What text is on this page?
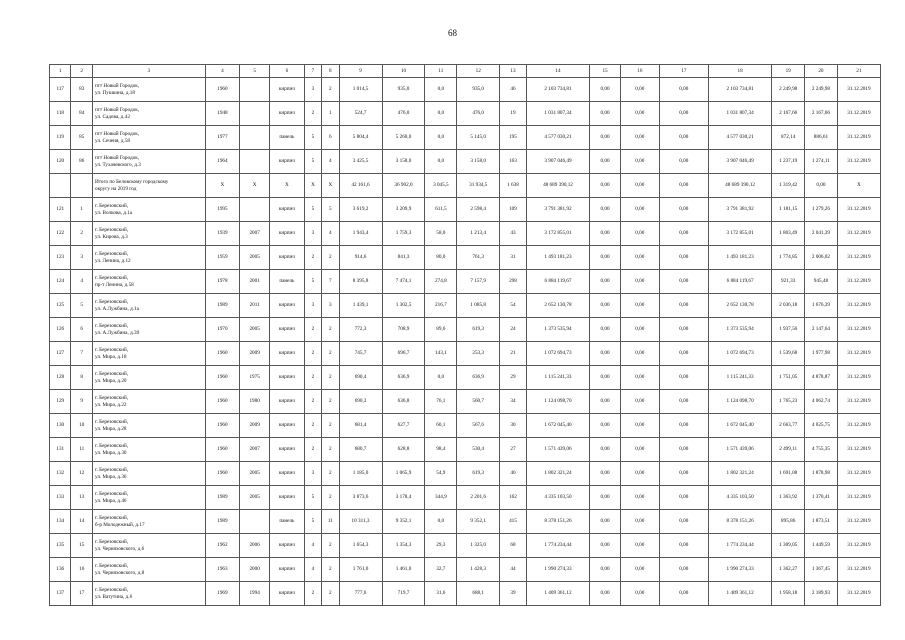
68
1	2	3	4	5	6	7	8	9	10	11	12	13	14	15	16	17	18	19	20	21
117	83	пгт Новый Городок,
ул. Пушкина, д.18	1960		кирпич	3	2	1 014,5	935,0	0,0	935,0	46	2 103 734,81	0,00	0,00	0,00	2 103 734,81	2 249,98	2 249,98	31.12.2019
118	84	пгт Новый Городок,
ул. Садова, д.42	1948		кирпич	2	1	524,7	476,0	0,0	476,0	19	1 031 807,34	0,00	0,00	0,00	1 031 807,34	2 167,66	2 167,66	31.12.2019
119	85	пгт Новый Городок,
ул. Сеченя, д.58	1977		панель	5	6	5 804,4	5 260,0	0,0	5 145,0	195	4 577 030,21	0,00	0,00	0,00	4 577 030,21	872,14	886,61	31.12.2019
120	86	пгт Новый Городок,
ул. Тухачевского, д.3	1964		кирпич	5	4	3 425,5	3 158,0	0,0	3 158,0	163	3 907 046,49	0,00	0,00	0,00	3 907 046,49	1 237,19	1 274,11	31.12.2019
		Итого по Беловскому городскому
округу на 2019 год	X	X	X	X	X	42 161,6	36 902,0	3 045,5	31 934,5	1 638	48 689 390,12	0,00	0,00	0,00	48 689 390,12	1 319,42	0,00	X
121	1	г. Березовский,
ул. Волкова, д.1а	1995		кирпич	5	5	3 619,2	3 209,9	611,5	2 598,4	109	3 791 381,92	0,00	0,00	0,00	3 791 381,92	1 181,15	1 279,26	31.12.2019
122	2	г. Березовский,
ул. Кирова, д.3	1939	2007	кирпич	3	4	1 943,4	1 759,3	58,0	1 213,4	43	3 172 855,01	0,00	0,00	0,00	3 172 855,01	1 803,49	2 041,39	31.12.2019
123	3	г. Березовский,
ул. Ленина, д.12	1959	2005	кирпич	2	2	914,6	841,3	80,0	761,3	31	1 493 181,23	0,00	0,00	0,00	1 493 181,23	1 774,85	2 006,02	31.12.2019
124	4	г. Березовский,
пр-т Ленина, д.58	1978	2001	панель	5	7	8 395,8	7 474,1	274,8	7 157,9	298	6 884 119,67	0,00	0,00	0,00	6 884 119,67	921,33	945,48	31.12.2019
125	5	г. Березовский,
ул. А.Лужбина, д.1а	1989	2011	кирпич	3	3	1 439,1	1 302,5	216,7	1 085,8	54	2 652 130,78	0,00	0,00	0,00	2 652 130,78	2 036,18	1 676,39	31.12.2019
126	6	г. Березовский,
ул. А.Лужбина, д.39	1970	2005	кирпич	2	2	772,3	708,9	89,6	619,3	24	1 373 535,94	0,00	0,00	0,00	1 373 535,94	1 937,56	2 147,64	31.12.2019
127	7	г. Березовский,
ул. Мира, д.18	1960	2009	кирпич	2	2	745,7	696,7	143,1	253,3	21	1 072 694,73	0,00	0,00	0,00	1 072 694,73	1 539,68	1 977,98	31.12.2019
128	8	г. Березовский,
ул. Мира, д.20	1960	1975	кирпич	2	2	690,4	636,9	0,0	636,9	29	1 115 241,33	0,00	0,00	0,00	1 115 241,33	1 751,05	4 878,87	31.12.2019
129	9	г. Березовский,
ул. Мира, д.22	1960	1980	кирпич	2	2	690,3	636,8	76,1	560,7	34	1 124 098,70	0,00	0,00	0,00	1 124 098,70	1 765,23	4 062,74	31.12.2019
130	10	г. Березовский,
ул. Мира, д.28	1960	2009	кирпич	2	2	681,4	627,7	60,1	567,6	30	1 672 045,40	0,00	0,00	0,00	1 672 045,40	2 663,77	4 025,75	31.12.2019
131	11	г. Березовский,
ул. Мира, д.30	1960	2007	кирпич	2	2	680,7	628,8	98,4	530,4	27	1 571 439,06	0,00	0,00	0,00	1 571 439,06	2 499,11	4 755,35	31.12.2019
132	12	г. Березовский,
ул. Мира, д.36	1960	2005	кирпич	3	2	1 185,0	1 065,9	54,9	619,3	40	1 802 321,24	0,00	0,00	0,00	1 802 321,24	1 691,08	1 878,98	31.12.2019
133	13	г. Березовский,
ул. Мира, д.46	1989	2005	кирпич	5	2	3 873,6	3 178,4	344,9	2 201,6	162	4 335 103,50	0,00	0,00	0,00	4 335 103,50	1 363,92	1 370,41	31.12.2019
134	14	г. Березовский,
б-р Молодежный, д.17	1989		панель	5	11	10 311,3	9 352,1	0,0	9 352,1	415	8 378 151,26	0,00	0,00	0,00	8 378 151,26	895,86	1 873,51	31.12.2019
135	15	г. Березовский,
ул. Черняховского, д.6	1962	2006	кирпич	4	2	1 654,3	1 354,3	29,3	1 325,0	68	1 774 234,44	0,00	0,00	0,00	1 774 234,44	1 309,05	1 449,59	31.12.2019
136	16	г. Березовский,
ул. Черняховского, д.8	1963	2000	кирпич	4	2	1 761,0	1 461,0	32,7	1 428,3	44	1 990 274,33	0,00	0,00	0,00	1 990 274,33	1 362,27	1 367,45	31.12.2019
137	17	г. Березовский,
ул. Ватутина, д.6	1969	1994	кирпич	2	2	777,6	719,7	31,6	688,1	39	1 409 361,12	0,00	0,00	0,00	1 409 361,12	1 958,18	2 189,93	31.12.2019
